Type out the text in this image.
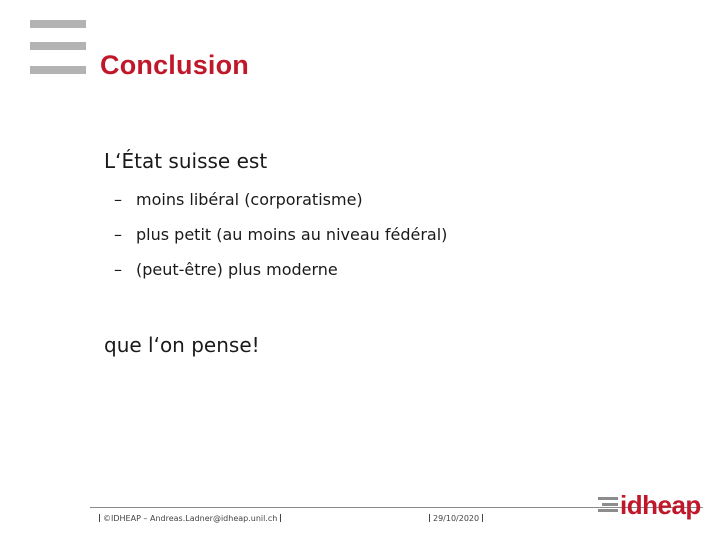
Conclusion

L‘État suisse est

– moins libéral (corporatisme)
– plus petit (au moins au niveau fédéral)
– (peut-être) plus moderne

que l‘on pense!

©IDHEAP – Andreas.Ladner@idheap.unil.ch	29/10/2020	idheap
